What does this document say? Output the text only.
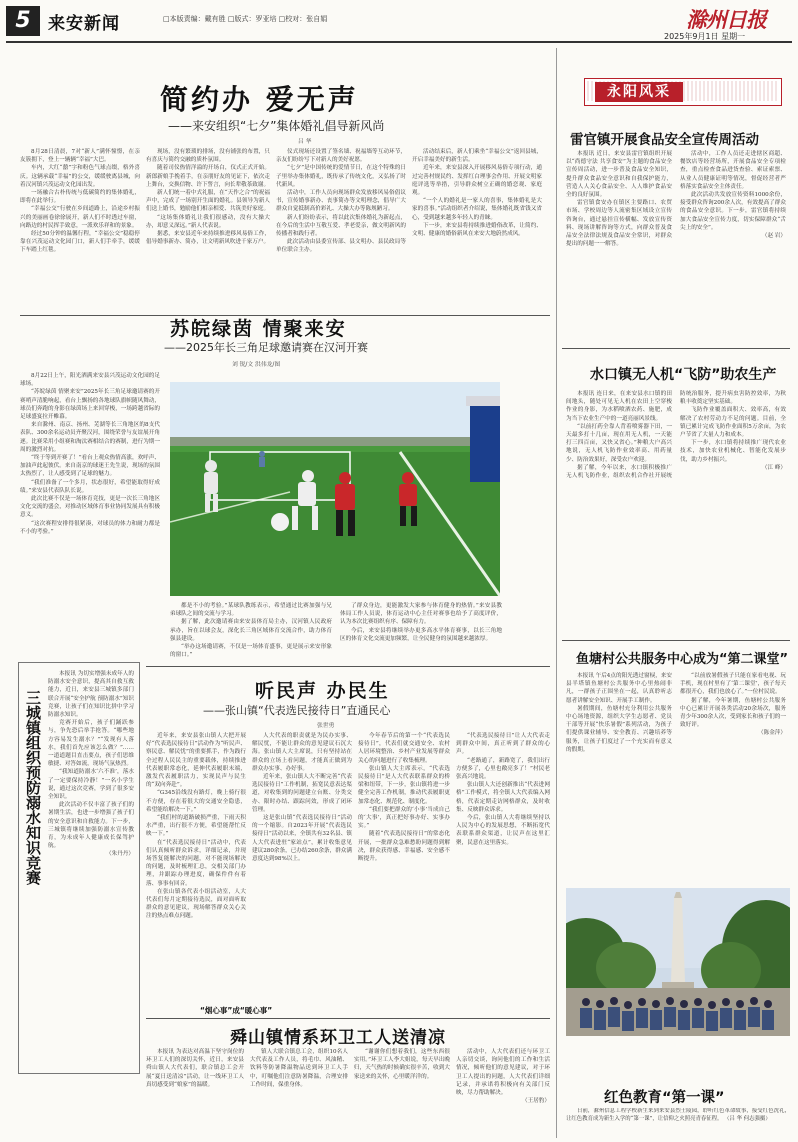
5	来安新闻	□本版责编：戴有胜 □版式：罗亚培 □校对：张自娟	滁州日报
2025年9月1日 星期一
简约办 爱无声
——来安组织“七夕”集体婚礼倡导新风尚
吕 华

8月28日清晨，7对“新人”满怀憧憬，在亲友簇拥下，登上一辆辆“幸福”大巴。

车内，大红“囍”字和粉色气球点缀，格外喜庆。这辆承载“幸福”的公交，缓缓驶离县城，向着汉河镇兴茂运动文化园出发。

一场融合古朴传统与低碳简约的集体婚礼，即将在此举行。

“幸福公交”行驶在乡间道路上，沿途乡村振兴的美丽画卷徐徐展开，新人们不时透过车窗，向路边的村民挥手致意，一派欢乐祥和的景象。

经过50分钟的温馨行程，“幸福公交”稳稳停靠在兴茂运动文化园门口，新人们手牵手，缓缓下车踏上红毯。

现场，没有繁琐的排场，没有铺张的布置，只有喜庆与简约交融的质朴氛围。

随着司仪热情洋溢的开场白，仪式正式开始。新郎新娘手挽着手，在亲朋好友的见证下，依次走上舞台，交换信物、许下誓言，向长辈敬茶致谢。

新人们统一着中式礼服，在“天作之合”的祝福声中，完成了一场别开生面的婚礼。县领导为新人们送上婚书，勉励他们相亲相爱、共筑美好家庭。

“这场集体婚礼让我们很感动，没有大操大办，却意义深远。”新人代表说。

据悉，来安县近年来持续推进移风易俗工作，倡导婚事新办、简办，让文明新风吹进千家万户。

仪式现场还设置了签名墙、祝福墙等互动环节，亲友们纷纷写下对新人的美好祝愿。

“七夕”是中国传统的爱情节日，在这个特殊的日子里举办集体婚礼，既传承了传统文化，又弘扬了时代新风。

活动中，工作人员向现场群众发放移风易俗倡议书，宣传婚事新办、丧事简办等文明理念，倡导广大群众自觉抵制高价彩礼、大操大办等陈规陋习。

新人们纷纷表示，将以此次集体婚礼为新起点，在今后的生活中互敬互爱、孝老爱亲，做文明新风的传播者和践行者。

此次活动由县委宣传部、县文明办、县民政局等单位联合主办。

活动结束后，新人们乘坐“幸福公交”返回县城，开启幸福美好的新生活。

近年来，来安县深入开展移风易俗专项行动，通过完善村规民约、发挥红白理事会作用、开展文明家庭评选等举措，引导群众树立正确的婚恋观、家庭观。

“一个人的婚礼是一家人的喜事，集体婚礼是大家的喜事。”活动组织者介绍说，集体婚礼既省钱又省心，受到越来越多年轻人的青睐。

下一步，来安县将持续推进婚俗改革，让简约、文明、健康的婚俗新风在来安大地蔚然成风。

苏皖绿茵 情聚来安
——2025年长三角足球邀请赛在汉河开赛
刘 锐/文 洪伟龙/图

8月22日上午，阳光洒满来安县兴茂运动文化园的足球场。

“苏皖绿茵 情聚来安”2025年长三角足球邀请赛的开赛哨声清脆响起，看台上飘扬的各地球队旗帜随风舞动，球员们奔跑的身影在绿茵场上来回穿梭，一场跨越省际的足球盛宴拉开帷幕。

来自滁州、南京、扬州、芜湖等长三角地区的8支代表队、300余名运动员齐聚汉河，围绕荣誉与友谊展开角逐。比赛采用小组赛和淘汰赛相结合的赛制，进行为期一周的激烈对抗。

“终于等到开赛了！”看台上观众热情高涨，欢呼声、加油声此起彼伏。来自南京的球迷王先生说，现场的氛围太热烈了，让人感受到了足球的魅力。

“我们准备了一个多月，状态很好，希望能取得好成绩。”来安县代表队队长说。

此次比赛不仅是一场体育竞技，更是一次长三角地区文化交流的盛会，对推动区域体育事业协同发展具有积极意义。

“这次赛程安排得很紧凑，对球员的体力和耐力都是不小的考验。”

都是不小的考验。”某球队教练表示，希望通过比赛加强与兄弟球队之间的交流与学习。

据了解，此次邀请赛由来安县体育局主办，汉河镇人民政府承办，旨在以球会友，深化长三角区域体育交流合作，助力体育强县建设。

“举办这场邀请赛，不仅是一场体育盛事，更是展示来安形象的窗口。”

了群众身边，更能激发大家参与体育健身的热情。”来安县教体局工作人员说，体育运动中心主任对赛事也给予了高度评价，认为本次比赛组织有序、保障有力。

今后，来安县将继续举办更多高水平体育赛事，以长三角地区的体育文化交流更加频繁，让全民健身的氛围越来越浓厚。

三城镇组织预防溺水知识竞赛

本报讯 为切实增强未成年人的防溺水安全意识，提高其自救互救能力，近日，来安县三城镇多部门联合开展“安全护航 预防溺水”知识竞赛，让孩子们在知识比拼中学习防溺水知识。

竞赛开始后，孩子们踊跃参与，争先恐后举手抢答。“哪些地方容易发生溺水？”“发现有人落水，我们首先应该怎么做？”……一道道题目直击要点，孩子们思维敏捷、对答如流，现场气氛热烈。

“我知道防溺水‘六不准’，落水了一定要保持冷静！”一名小学生说，通过这次竞赛，学到了很多安全知识。

此次活动不仅丰富了孩子们的暑期生活，也进一步增强了孩子们的安全意识和自救能力。下一步，三城镇将继续加强防溺水宣传教育，为未成年人健康成长保驾护航。

（朱丹丹）

听民声 办民生
——张山镇“代表选民接待日”直通民心
张世勇

近年来，来安县张山镇人大把开展好“代表选民接待日”活动作为“听民声、察民意、解民忧”的重要抓手，作为践行全过程人民民主的重要载体，持续推进代表履职常态化，延伸代表履职末端，激发代表履职活力，实现民声与民生的“双向奔赴”。

“G345沿线没有路灯，晚上骑行很不方便，存在着很大的交通安全隐患，希望能给解决一下。”

“我们村的道路破损严重，下雨天积水严重，出行很不方便，希望能帮忙反映一下。”

在“代表选民接待日”活动中，代表们认真倾听群众诉求，详细记录，并现场答复能解决的问题，对不能现场解决的问题，及时梳理汇总，交相关部门办理，并跟踪办理进度，确保件件有着落、事事有回音。

在张山镇各代表小组活动室，人大代表们每月定期接待选民，面对面听取群众的意见建议，现场解答群众关心关注的热点难点问题。

人大代表的职责就是为民办实事、解民忧，不能让群众的意见建议石沉大海。张山镇人大主席说，只有坚持站在群众的立场上看问题，才能真正做到为群众办实事、办好事。

近年来，张山镇人大不断完善“代表选民接待日”工作机制，拓宽民意表达渠道，对收集到的问题建立台账、分类交办、限时办结、跟踪问效，形成了闭环管理。

这是张山镇“代表选民接待日”活动的一个缩影。自2023年开展“代表选民接待日”活动以来，全镇共有32名县、镇人大代表进驻“家站点”，累计收集意见建议280余条，已办结260余条，群众满意度达到98%以上。

今年春节后的第一个“代表选民接待日”，代表们就交通安全、农村人居环境整治、乡村产业发展等群众关心的问题进行了收集梳理。

张山镇人大主席表示，“代表选民接待日”是人大代表联系群众的桥梁和纽带，下一步，张山镇将进一步健全完善工作机制，推动代表履职更加常态化、规范化、制度化。

“我们要把群众的‘小事’当成自己的‘大事’，真正把好事办好、实事办实。”

随着“代表选民接待日”的常态化开展，一批群众急难愁盼问题得到解决，群众获得感、幸福感、安全感不断提升。

“代表选民接待日”让人大代表走到群众中间，真正听到了群众的心声。

“老路通了，新路宽了，我们出行方便多了，心里也敞亮多了！”村民老张高兴地说。

张山镇人大还创新推出“代表进网格”工作模式，将全镇人大代表编入网格，代表定期走访网格群众，及时收集、反映群众诉求。

今后，张山镇人大将继续坚持以人民为中心的发展思想，不断拓宽代表联系群众渠道，让民声在这里汇聚，民意在这里落实。

“烟心事”成“暖心事”
舜山镇情系环卫工人送清凉

本报讯 为表达对高温下坚守岗位的环卫工人们的深切关怀，近日，来安县舜山镇人大代表们，联合镇总工会开展“夏日送清凉”活动，让一线环卫工人真切感受到“娘家”的温暖。

镇人大联合镇总工会，组织10名人大代表及工作人员，将毛巾、风油精、饮料等防暑降温物品送到环卫工人手中，叮嘱他们注意防暑降温，合理安排工作时间，保重身体。

“谢谢你们想着我们，这些东西很实用。”环卫工人李大姐说，每天早出晚归，天气热的时候确实很辛苦，收到大家送来的关怀，心里暖洋洋的。

活动中，人大代表们还与环卫工人亲切交谈，询问他们的工作和生活情况，倾听他们的意见建议，对于环卫工人提出的问题，人大代表们详细记录，并承诺将积极向有关部门反映，尽力帮助解决。

（王居豹）

永阳风采
雷官镇开展食品安全宣传周活动

本报讯 近日，来安县雷官镇组织开展以“尚德守法 共享食安”为主题的食品安全宣传周活动，进一步普及食品安全知识，提升群众食品安全意识和自我保护能力，营造人人关心食品安全、人人维护食品安全的良好氛围。

雷官镇食安办在镇区主要路口、农贸市场、学校周边等人流密集区域设立宣传咨询台，通过悬挂宣传横幅、发放宣传资料、现场讲解咨询等方式，向群众普及食品安全法律法规及食品安全常识，对群众提出的问题一一解答。

活动中，工作人员还走进辖区商超、餐饮店等经营场所，开展食品安全专项检查，重点检查食品进货查验、索证索票、从业人员健康证明等情况，督促经营者严格落实食品安全主体责任。

此次活动共发放宣传资料1000余份，接受群众咨询200余人次，有效提高了群众的食品安全意识。下一步，雷官镇将持续加大食品安全宣传力度，切实保障群众“舌尖上的安全”。

（赵 岩）

水口镇无人机“飞防”助农生产

本报讯 连日来，在来安县水口镇的田间地头，随处可见无人机在农田上空穿梭作业的身影，为水稻喷洒农药、施肥，成为当下农业生产中的一道亮丽风景线。

“以前打药全靠人背着喷雾器下田，一天最多打十几亩，现在用无人机，一天能打三四百亩，又快又省心。”种粮大户高兴地说，无人机飞防作业效率高、用药量少、防治效果好，深受农户欢迎。

据了解，今年以来，水口镇积极推广无人机飞防作业，组织农机合作社开展统防统治服务，提升病虫害防控效率，为秋粮丰收奠定坚实基础。

飞防作业覆盖面积大、效率高，有效解决了农村劳动力不足的问题。目前，全镇已累计完成飞防作业面积5万余亩，为农户节省了大量人力和成本。

下一步，水口镇将持续推广现代农业技术，加快农业机械化、智能化发展步伐，助力乡村振兴。

（江 峰）

鱼塘村公共服务中心成为“第二课堂”

本报讯 午后4点的阳光透过窗棂，来安县半塔镇鱼塘村公共服务中心里热闹非凡，一群孩子正围坐在一起，认真聆听志愿者讲解安全知识、开展手工制作。

暑假期间，鱼塘村充分利用公共服务中心场地资源，组织大学生志愿者、党员干部等开展“快乐暑假”系列活动，为孩子们提供课业辅导、安全教育、兴趣培养等服务，让孩子们度过了一个充实而有意义的假期。

“以前放暑假孩子只能在家看电视、玩手机，现在村里有了‘第二课堂’，孩子每天都很开心，我们也放心了。”一位村民说。

据了解，今年暑期，鱼塘村公共服务中心已累计开展各类活动20余场次，服务青少年300余人次，受到家长和孩子们的一致好评。

（陈金萍）

红色教育“第一课”

日前，滁州信息工程学校新生来到来安县烈士陵园，聆听红色革命故事，接受红色洗礼，让红色教育成为新生入学的“第一课”，让信仰之火照亮青春征程。 （吕 华 何志强摄）
